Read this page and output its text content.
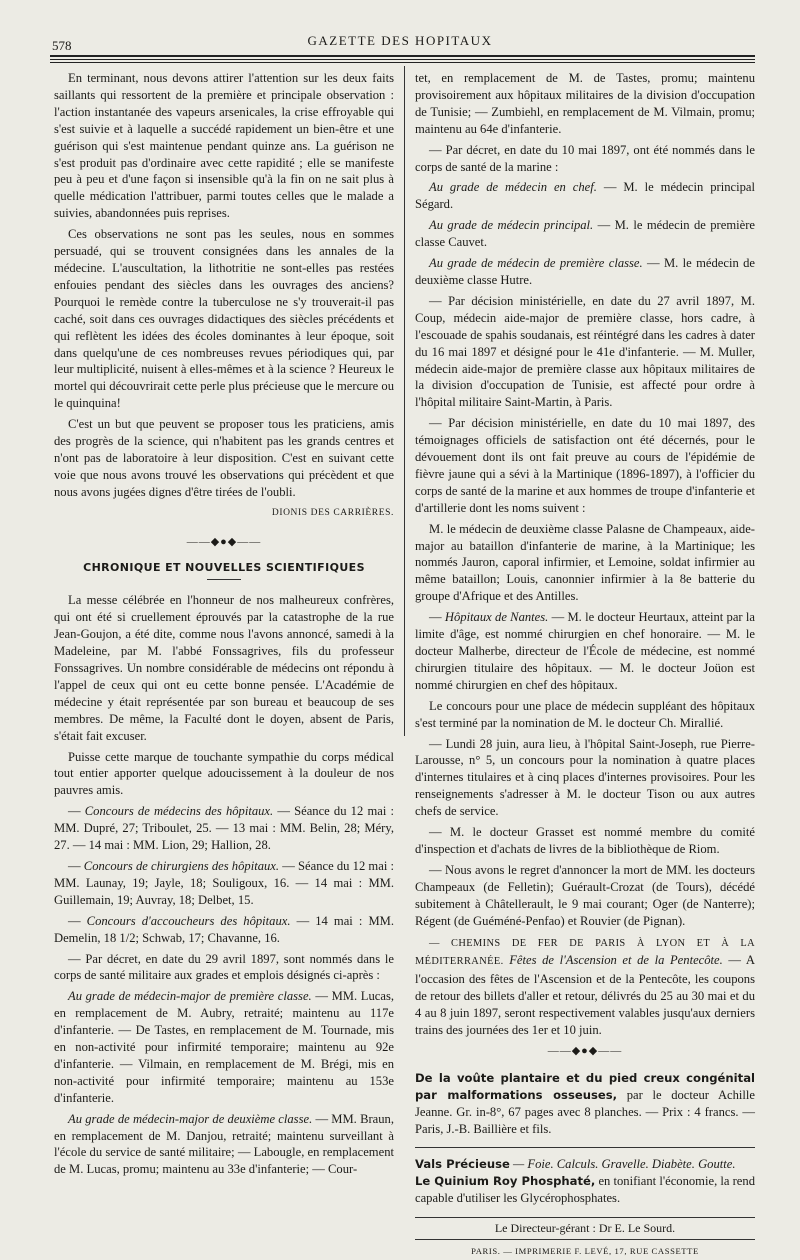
578	GAZETTE DES HOPITAUX

En terminant, nous devons attirer l'attention sur les deux faits saillants qui ressortent de la première et principale observation : l'action instantanée des vapeurs arsenicales, la crise effroyable qui s'est suivie et à laquelle a succédé rapidement un bien-être et une guérison qui s'est maintenue pendant quinze ans. La guérison ne s'est produit pas d'ordinaire avec cette rapidité ; elle se manifeste peu à peu et d'une façon si insensible qu'à la fin on ne sait plus à quelle médication l'attribuer, parmi toutes celles que le malade a suivies, abandonnées puis reprises.

Ces observations ne sont pas les seules, nous en sommes persuadé, qui se trouvent consignées dans les annales de la médecine. L'auscultation, la lithotritie ne sont-elles pas restées enfouies pendant des siècles dans les ouvrages des anciens? Pourquoi le remède contre la tuberculose ne s'y trouverait-il pas caché, soit dans ces ouvrages didactiques des siècles précédents et qui reflètent les idées des écoles dominantes à leur époque, soit dans quelqu'une de ces nombreuses revues périodiques qui, par leur multiplicité, nuisent à elles-mêmes et à la science ? Heureux le mortel qui découvrirait cette perle plus précieuse que le mercure ou le quinquina!

C'est un but que peuvent se proposer tous les praticiens, amis des progrès de la science, qui n'habitent pas les grands centres et n'ont pas de laboratoire à leur disposition. C'est en suivant cette voie que nous avons trouvé les observations qui précèdent et que nous avons jugées dignes d'être tirées de l'oubli.

DIONIS DES CARRIÈRES.
——◆●◆——
CHRONIQUE ET NOUVELLES SCIENTIFIQUES

La messe célébrée en l'honneur de nos malheureux confrères, qui ont été si cruellement éprouvés par la catastrophe de la rue Jean-Goujon, a été dite, comme nous l'avons annoncé, samedi à la Madeleine, par M. l'abbé Fonssagrives, fils du professeur Fonssagrives. Un nombre considérable de médecins ont répondu à l'appel de ceux qui ont eu cette bonne pensée. L'Académie de médecine y était représentée par son bureau et beaucoup de ses membres. De même, la Faculté dont le doyen, absent de Paris, s'était fait excuser.

Puisse cette marque de touchante sympathie du corps médical tout entier apporter quelque adoucissement à la douleur de nos pauvres amis.

— Concours de médecins des hôpitaux. — Séance du 12 mai : MM. Dupré, 27; Triboulet, 25. — 13 mai : MM. Belin, 28; Méry, 27. — 14 mai : MM. Lion, 29; Hallion, 28.

— Concours de chirurgiens des hôpitaux. — Séance du 12 mai : MM. Launay, 19; Jayle, 18; Souligoux, 16. — 14 mai : MM. Guillemain, 19; Auvray, 18; Delbet, 15.

— Concours d'accoucheurs des hôpitaux. — 14 mai : MM. Demelin, 18 1/2; Schwab, 17; Chavanne, 16.

— Par décret, en date du 29 avril 1897, sont nommés dans le corps de santé militaire aux grades et emplois désignés ci-après :

Au grade de médecin-major de première classe. — MM. Lucas, en remplacement de M. Aubry, retraité; maintenu au 117e d'infanterie. — De Tastes, en remplacement de M. Tournade, mis en non-activité pour infirmité temporaire; maintenu au 92e d'infanterie. — Vilmain, en remplacement de M. Brégi, mis en non-activité pour infirmité temporaire; maintenu au 153e d'infanterie.

Au grade de médecin-major de deuxième classe. — MM. Braun, en remplacement de M. Danjou, retraité; maintenu surveillant à l'école du service de santé militaire; — Labougle, en remplacement de M. Lucas, promu; maintenu au 33e d'infanterie; — Cour-

tet, en remplacement de M. de Tastes, promu; maintenu provisoirement aux hôpitaux militaires de la division d'occupation de Tunisie; — Zumbiehl, en remplacement de M. Vilmain, promu; maintenu au 64e d'infanterie.

— Par décret, en date du 10 mai 1897, ont été nommés dans le corps de santé de la marine :

Au grade de médecin en chef. — M. le médecin principal Ségard.

Au grade de médecin principal. — M. le médecin de première classe Cauvet.

Au grade de médecin de première classe. — M. le médecin de deuxième classe Hutre.

— Par décision ministérielle, en date du 27 avril 1897, M. Coup, médecin aide-major de première classe, hors cadre, à l'escouade de spahis soudanais, est réintégré dans les cadres à dater du 16 mai 1897 et désigné pour le 41e d'infanterie. — M. Muller, médecin aide-major de première classe aux hôpitaux militaires de la division d'occupation de Tunisie, est affecté pour ordre à l'hôpital militaire Saint-Martin, à Paris.

— Par décision ministérielle, en date du 10 mai 1897, des témoignages officiels de satisfaction ont été décernés, pour le dévouement dont ils ont fait preuve au cours de l'épidémie de fièvre jaune qui a sévi à la Martinique (1896-1897), à l'officier du corps de santé de la marine et aux hommes de troupe d'infanterie et d'artillerie dont les noms suivent :

M. le médecin de deuxième classe Palasne de Champeaux, aide-major au bataillon d'infanterie de marine, à la Martinique; les nommés Jauron, caporal infirmier, et Lemoine, soldat infirmier au même bataillon; Louis, canonnier infirmier à la 8e batterie du groupe d'Afrique et des Antilles.

— Hôpitaux de Nantes. — M. le docteur Heurtaux, atteint par la limite d'âge, est nommé chirurgien en chef honoraire. — M. le docteur Malherbe, directeur de l'École de médecine, est nommé chirurgien titulaire des hôpitaux. — M. le docteur Joüon est nommé chirurgien en chef des hôpitaux.

Le concours pour une place de médecin suppléant des hôpitaux s'est terminé par la nomination de M. le docteur Ch. Mirallié.

— Lundi 28 juin, aura lieu, à l'hôpital Saint-Joseph, rue Pierre-Larousse, n° 5, un concours pour la nomination à quatre places d'internes titulaires et à cinq places d'internes provisoires. Pour les renseignements s'adresser à M. le docteur Tison ou aux autres chefs de service.

— M. le docteur Grasset est nommé membre du comité d'inspection et d'achats de livres de la bibliothèque de Riom.

— Nous avons le regret d'annoncer la mort de MM. les docteurs Champeaux (de Felletin); Guérault-Crozat (de Tours), décédé subitement à Châtellerault, le 9 mai courant; Oger (de Nanterre); Régent (de Guéméné-Penfao) et Rouvier (de Pignan).

— CHEMINS DE FER DE PARIS À LYON ET À LA MÉDITERRANÉE. Fêtes de l'Ascension et de la Pentecôte. — A l'occasion des fêtes de l'Ascension et de la Pentecôte, les coupons de retour des billets d'aller et retour, délivrés du 25 au 30 mai et du 4 au 8 juin 1897, seront respectivement valables jusqu'aux derniers trains des journées des 1er et 10 juin.

——◆●◆——
De la voûte plantaire et du pied creux congénital par malformations osseuses, par le docteur Achille Jeanne. Gr. in-8°, 67 pages avec 8 planches. — Prix : 4 francs. — Paris, J.-B. Baillière et fils.

Vals Précieuse — Foie. Calculs. Gravelle. Diabète. Goutte.

Le Quinium Roy Phosphaté, en tonifiant l'économie, la rend capable d'utiliser les Glycérophosphates.

Le Directeur-gérant : Dr E. Le Sourd.
PARIS. — IMPRIMERIE F. LEVÉ, 17, RUE CASSETTE
